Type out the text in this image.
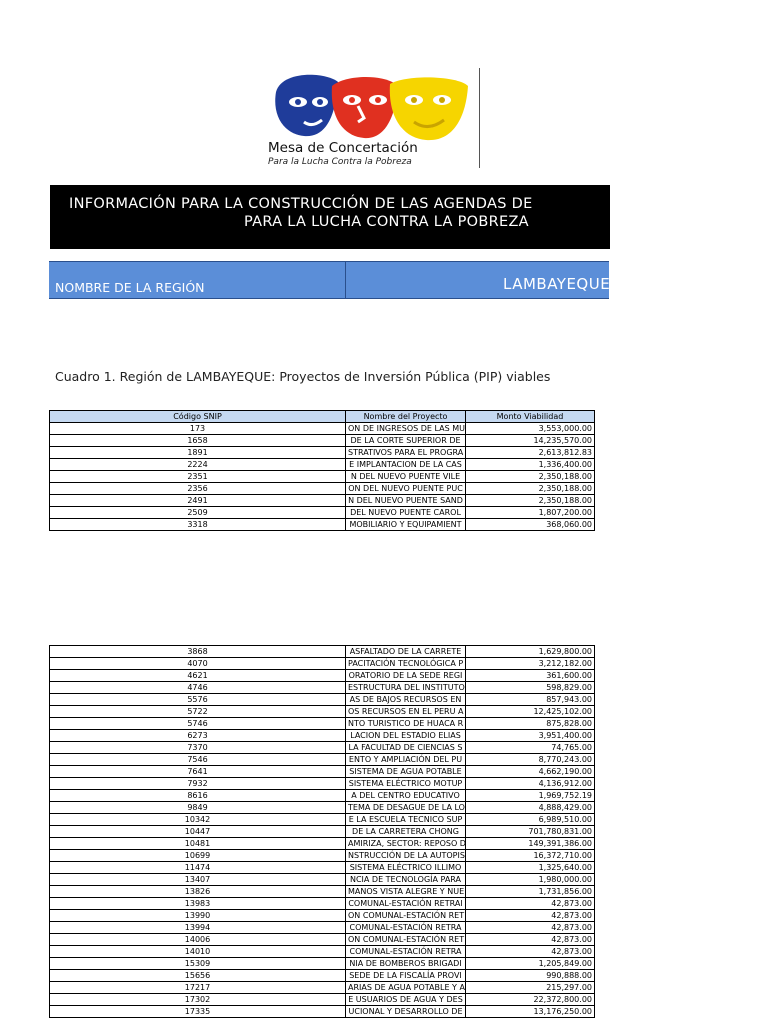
Mesa de Concertación
Para la Lucha Contra la Pobreza
INFORMACIÓN PARA LA CONSTRUCCIÓN DE LAS AGENDAS DE
PARA LA LUCHA CONTRA LA POBREZA
NOMBRE DE LA REGIÓN	LAMBAYEQUE
Cuadro 1. Región de LAMBAYEQUE: Proyectos de Inversión Pública (PIP) viables
Código SNIP	Nombre del Proyecto	Monto Viabilidad
173	ON DE INGRESOS DE LAS MU	3,553,000.00
1658	DE LA CORTE SUPERIOR DE	14,235,570.00
1891	STRATIVOS PARA EL PROGRA	2,613,812.83
2224	E IMPLANTACION DE LA CAS	1,336,400.00
2351	N DEL NUEVO PUENTE VILE	2,350,188.00
2356	ON DEL NUEVO PUENTE PUC	2,350,188.00
2491	N DEL NUEVO PUENTE SAND	2,350,188.00
2509	DEL NUEVO PUENTE CAROL	1,807,200.00
3318	MOBILIARIO Y EQUIPAMIENT	368,060.00
3868	ASFALTADO DE LA CARRETE	1,629,800.00
4070	PACITACIÓN TECNOLÓGICA P	3,212,182.00
4621	ORATORIO DE LA SEDE REGI	361,600.00
4746	ESTRUCTURA DEL INSTITUTO	598,829.00
5576	AS DE BAJOS RECURSOS EN	857,943.00
5722	OS RECURSOS EN EL PERU A	12,425,102.00
5746	NTO TURISTICO DE HUACA R	875,828.00
6273	LACION DEL ESTADIO ELIAS	3,951,400.00
7370	LA FACULTAD DE CIENCIAS S	74,765.00
7546	ENTO Y AMPLIACIÓN DEL PU	8,770,243.00
7641	SISTEMA DE AGUA POTABLE	4,662,190.00
7932	SISTEMA ELÉCTRICO MOTUP	4,136,912.00
8616	A DEL CENTRO EDUCATIVO	1,969,752.19
9849	TEMA DE DESAGUE DE LA LO	4,888,429.00
10342	E LA ESCUELA TECNICO SUP	6,989,510.00
10447	DE LA CARRETERA CHONG	701,780,831.00
10481	AMIRIZA, SECTOR: REPOSO D	149,391,386.00
10699	NSTRUCCIÓN DE LA AUTOPIS	16,372,710.00
11474	SISTEMA ELÉCTRICO ILLIMO	1,325,640.00
13407	NCIA DE TECNOLOGÍA PARA	1,980,000.00
13826	MANOS VISTA ALEGRE Y NUE	1,731,856.00
13983	COMUNAL-ESTACIÓN RETRAI	42,873.00
13990	ON COMUNAL-ESTACIÓN RET	42,873.00
13994	COMUNAL-ESTACIÓN RETRA	42,873.00
14006	ON COMUNAL-ESTACIÓN RET	42,873.00
14010	COMUNAL-ESTACIÓN RETRA	42,873.00
15309	NIA DE BOMBEROS BRIGADI	1,205,849.00
15656	SEDE DE LA FISCALÍA PROVI	990,888.00
17217	ARIAS DE AGUA POTABLE Y A	215,297.00
17302	E USUARIOS DE AGUA Y DES	22,372,800.00
17335	UCIONAL Y DESARROLLO DE	13,176,250.00
